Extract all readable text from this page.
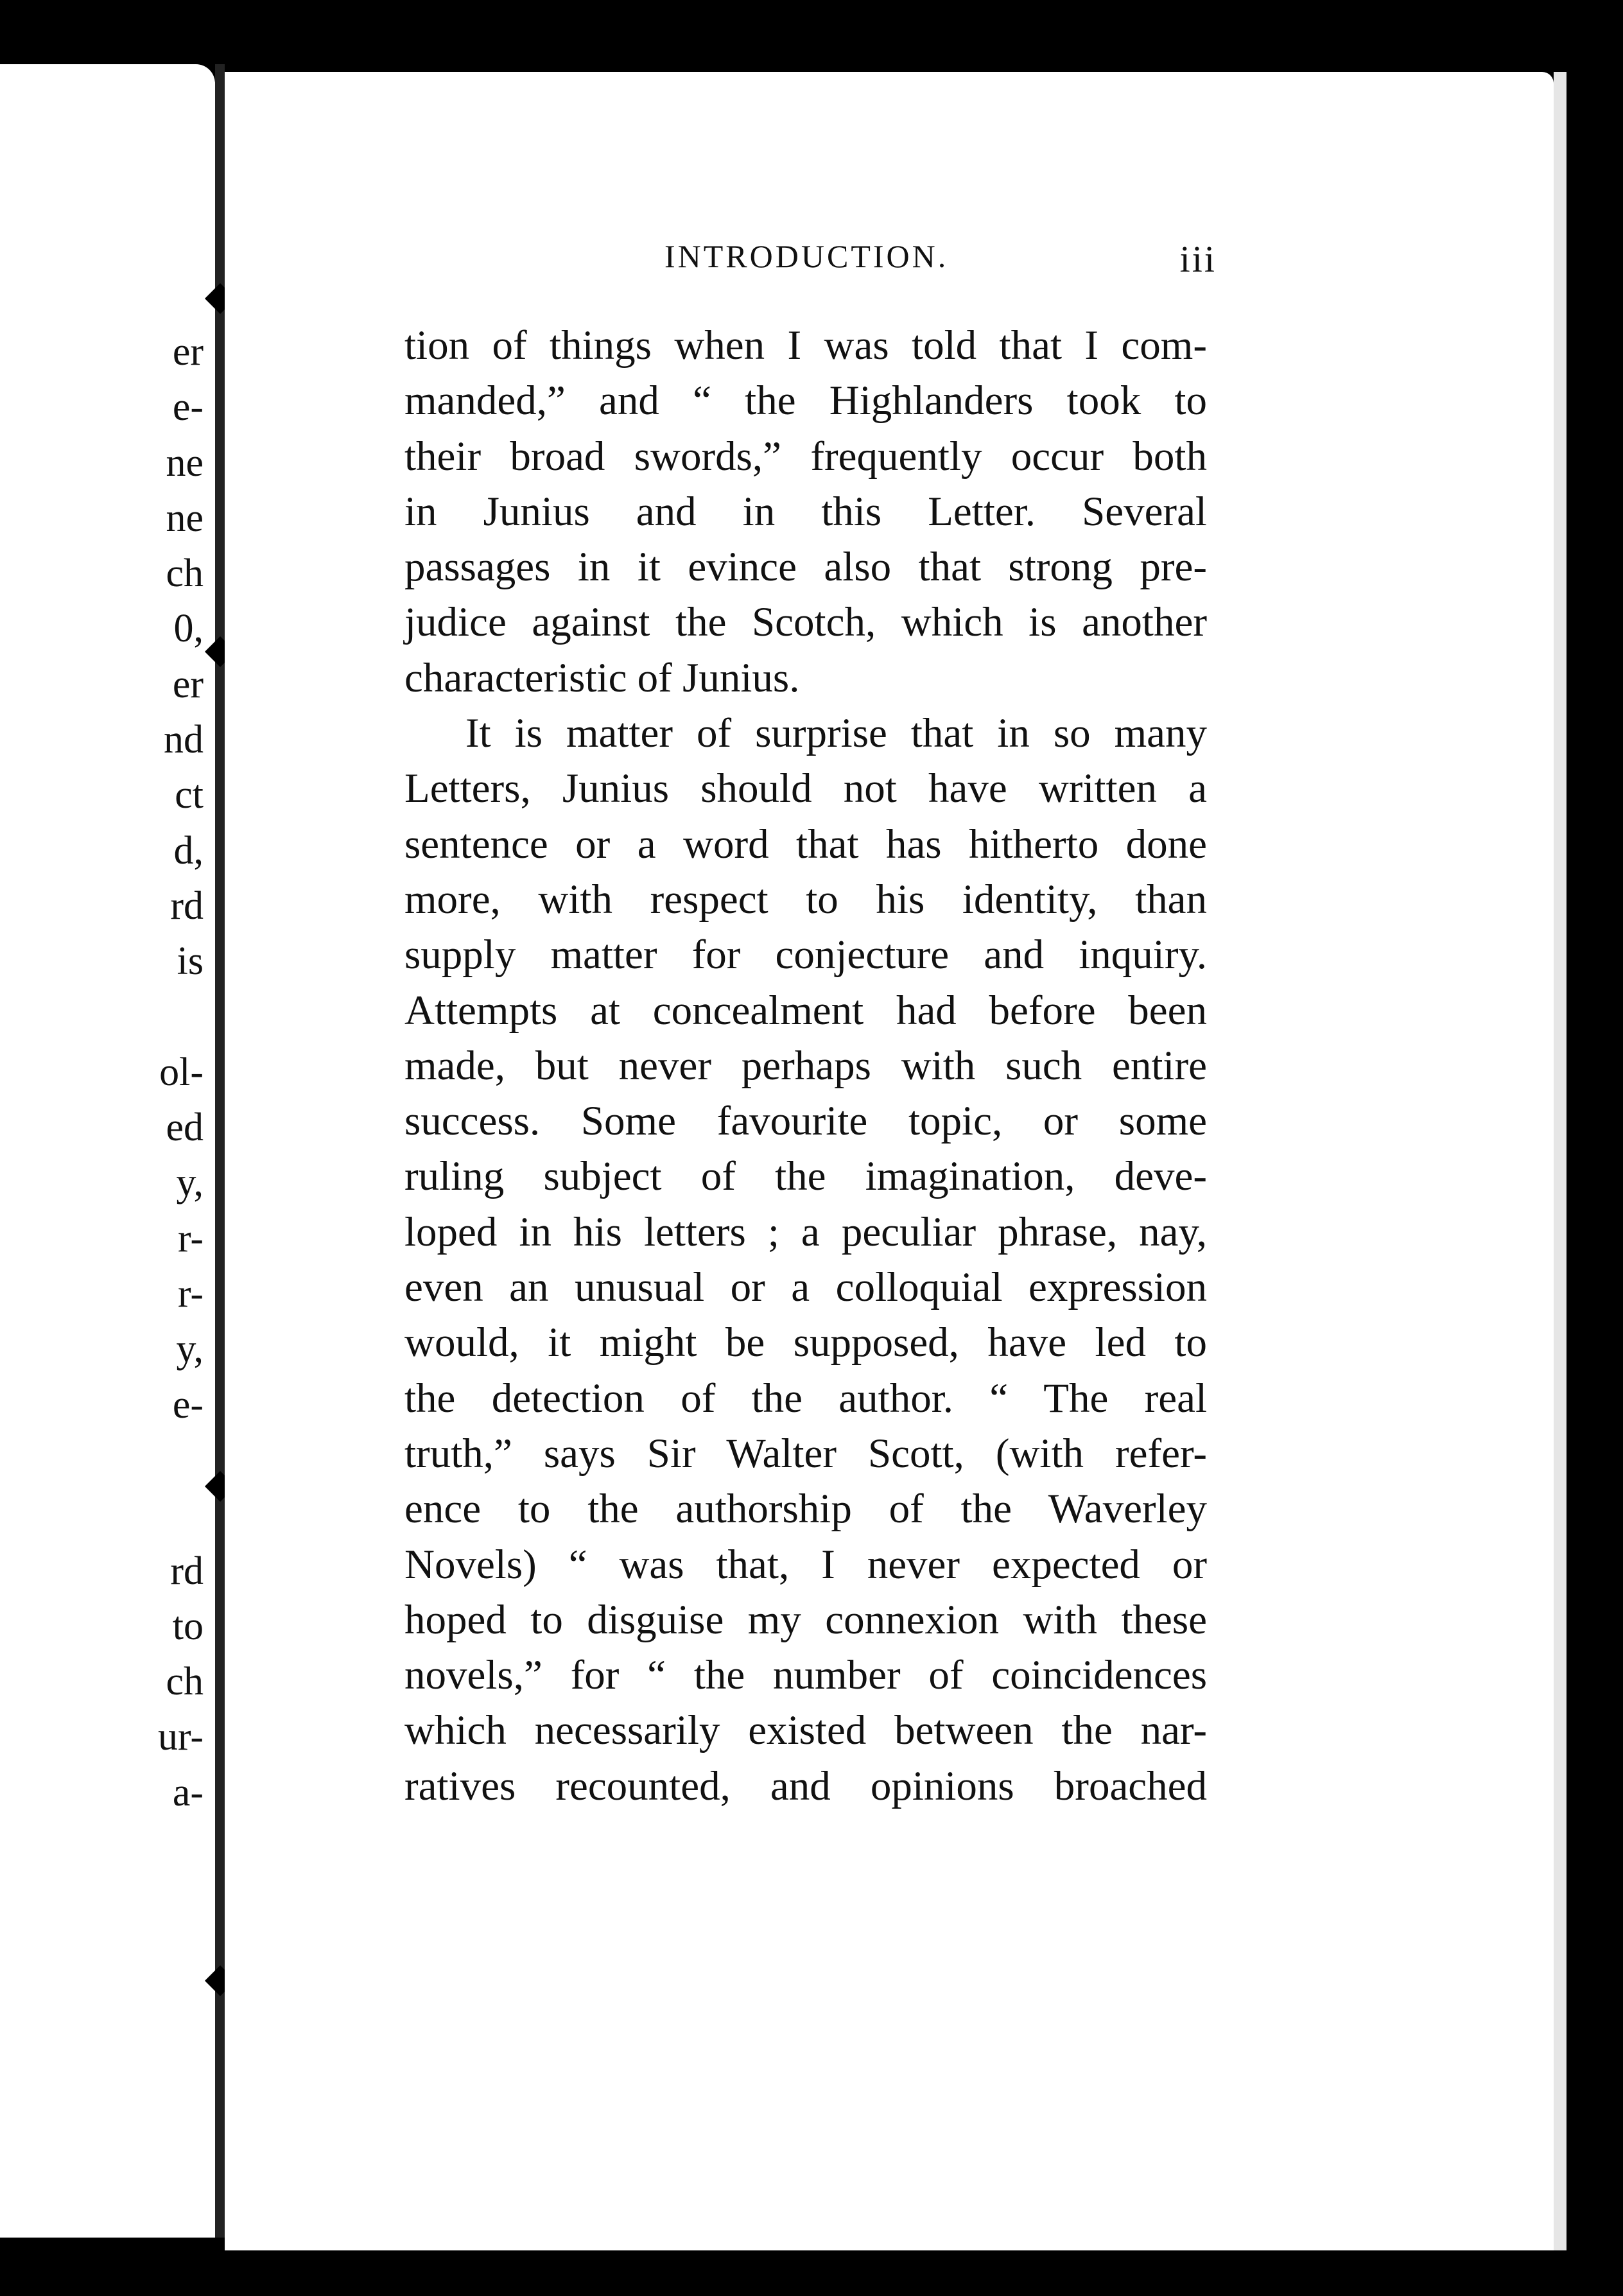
er
e-
ne
ne
ch
0,
er
nd
ct
d,
rd
is

ol-
ed
y,
r-
r-
y,
e-

rd
to
ch
ur-
a-
INTRODUCTION.	iii
tion of things when I was told that I com-
manded,” and “ the Highlanders took to
their broad swords,” frequently occur both
in Junius and in this Letter. Several
passages in it evince also that strong pre-
judice against the Scotch, which is another
characteristic of Junius.
It is matter of surprise that in so many
Letters, Junius should not have written a
sentence or a word that has hitherto done
more, with respect to his identity, than
supply matter for conjecture and inquiry.
Attempts at concealment had before been
made, but never perhaps with such entire
success. Some favourite topic, or some
ruling subject of the imagination, deve-
loped in his letters ; a peculiar phrase, nay,
even an unusual or a colloquial expression
would, it might be supposed, have led to
the detection of the author. “ The real
truth,” says Sir Walter Scott, (with refer-
ence to the authorship of the Waverley
Novels) “ was that, I never expected or
hoped to disguise my connexion with these
novels,” for “ the number of coincidences
which necessarily existed between the nar-
ratives recounted, and opinions broached
